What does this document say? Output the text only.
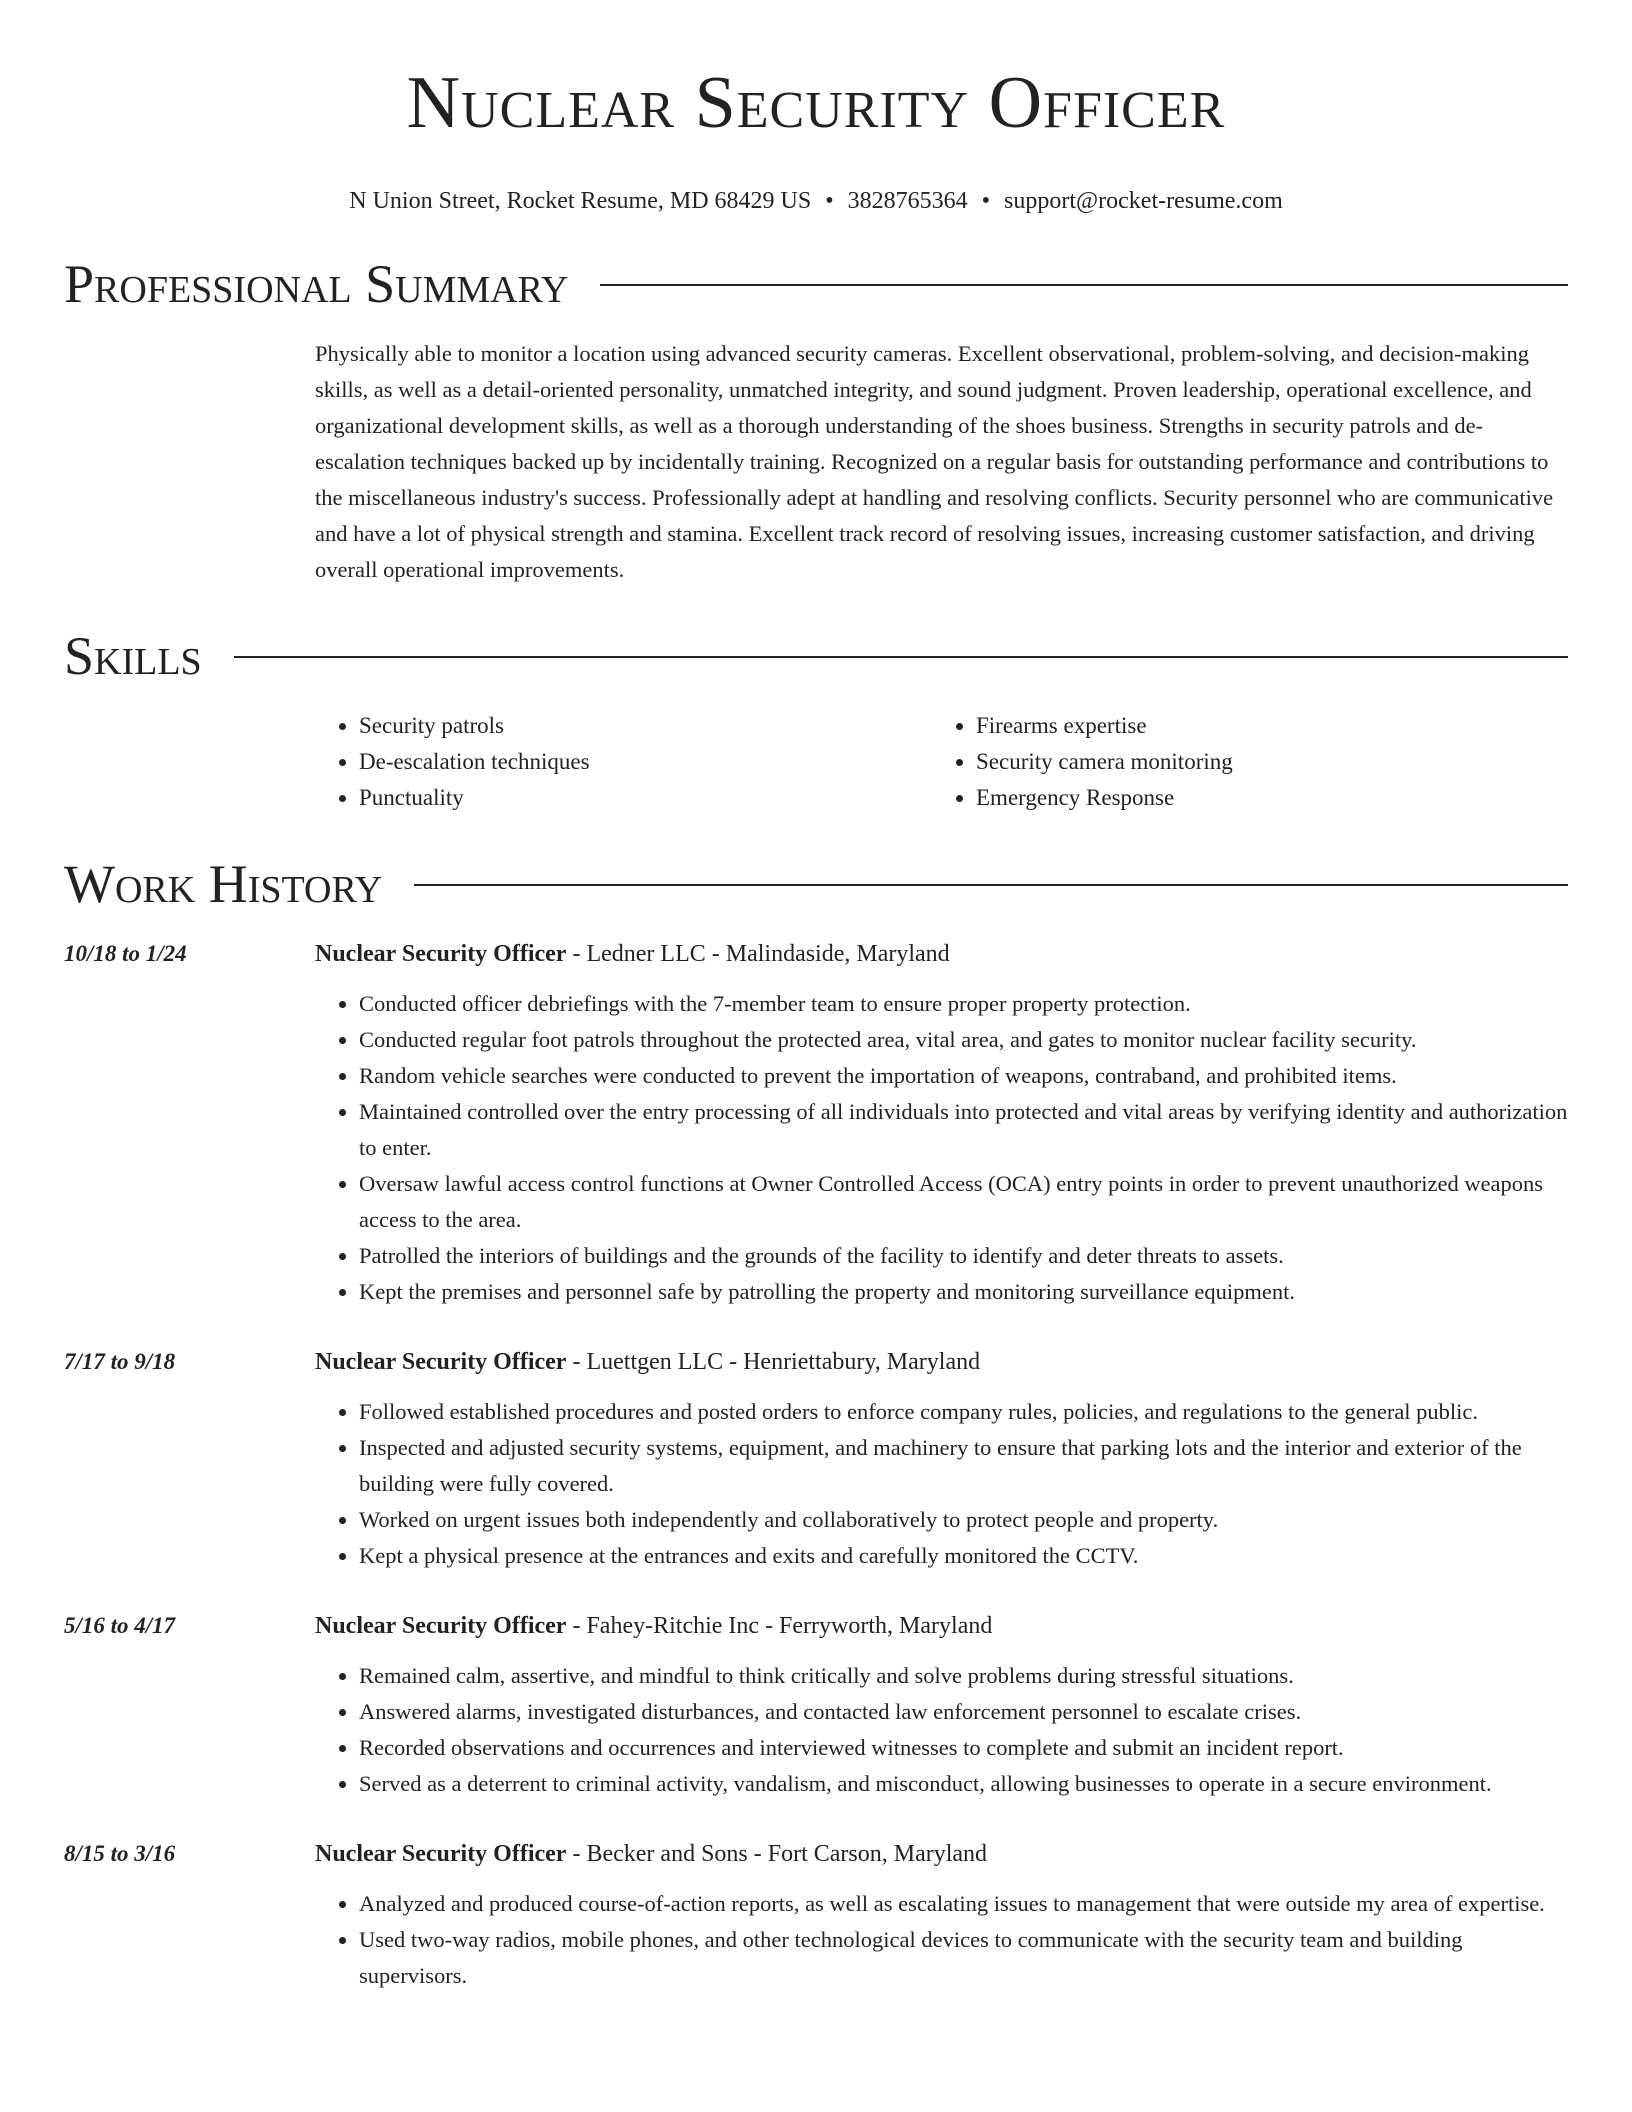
Nuclear Security Officer
N Union Street, Rocket Resume, MD 68429 US • 3828765364 • support@rocket-resume.com
Professional Summary
Physically able to monitor a location using advanced security cameras. Excellent observational, problem-solving, and decision-making skills, as well as a detail-oriented personality, unmatched integrity, and sound judgment. Proven leadership, operational excellence, and organizational development skills, as well as a thorough understanding of the shoes business. Strengths in security patrols and de-escalation techniques backed up by incidentally training. Recognized on a regular basis for outstanding performance and contributions to the miscellaneous industry's success. Professionally adept at handling and resolving conflicts. Security personnel who are communicative and have a lot of physical strength and stamina. Excellent track record of resolving issues, increasing customer satisfaction, and driving overall operational improvements.
Skills
• Security patrols
• De-escalation techniques
• Punctuality
• Firearms expertise
• Security camera monitoring
• Emergency Response
Work History
10/18 to 1/24	Nuclear Security Officer - Ledner LLC - Malindaside, Maryland
• Conducted officer debriefings with the 7-member team to ensure proper property protection.
• Conducted regular foot patrols throughout the protected area, vital area, and gates to monitor nuclear facility security.
• Random vehicle searches were conducted to prevent the importation of weapons, contraband, and prohibited items.
• Maintained controlled over the entry processing of all individuals into protected and vital areas by verifying identity and authorization to enter.
• Oversaw lawful access control functions at Owner Controlled Access (OCA) entry points in order to prevent unauthorized weapons access to the area.
• Patrolled the interiors of buildings and the grounds of the facility to identify and deter threats to assets.
• Kept the premises and personnel safe by patrolling the property and monitoring surveillance equipment.
7/17 to 9/18	Nuclear Security Officer - Luettgen LLC - Henriettabury, Maryland
• Followed established procedures and posted orders to enforce company rules, policies, and regulations to the general public.
• Inspected and adjusted security systems, equipment, and machinery to ensure that parking lots and the interior and exterior of the building were fully covered.
• Worked on urgent issues both independently and collaboratively to protect people and property.
• Kept a physical presence at the entrances and exits and carefully monitored the CCTV.
5/16 to 4/17	Nuclear Security Officer - Fahey-Ritchie Inc - Ferryworth, Maryland
• Remained calm, assertive, and mindful to think critically and solve problems during stressful situations.
• Answered alarms, investigated disturbances, and contacted law enforcement personnel to escalate crises.
• Recorded observations and occurrences and interviewed witnesses to complete and submit an incident report.
• Served as a deterrent to criminal activity, vandalism, and misconduct, allowing businesses to operate in a secure environment.
8/15 to 3/16	Nuclear Security Officer - Becker and Sons - Fort Carson, Maryland
• Analyzed and produced course-of-action reports, as well as escalating issues to management that were outside my area of expertise.
• Used two-way radios, mobile phones, and other technological devices to communicate with the security team and building supervisors.
